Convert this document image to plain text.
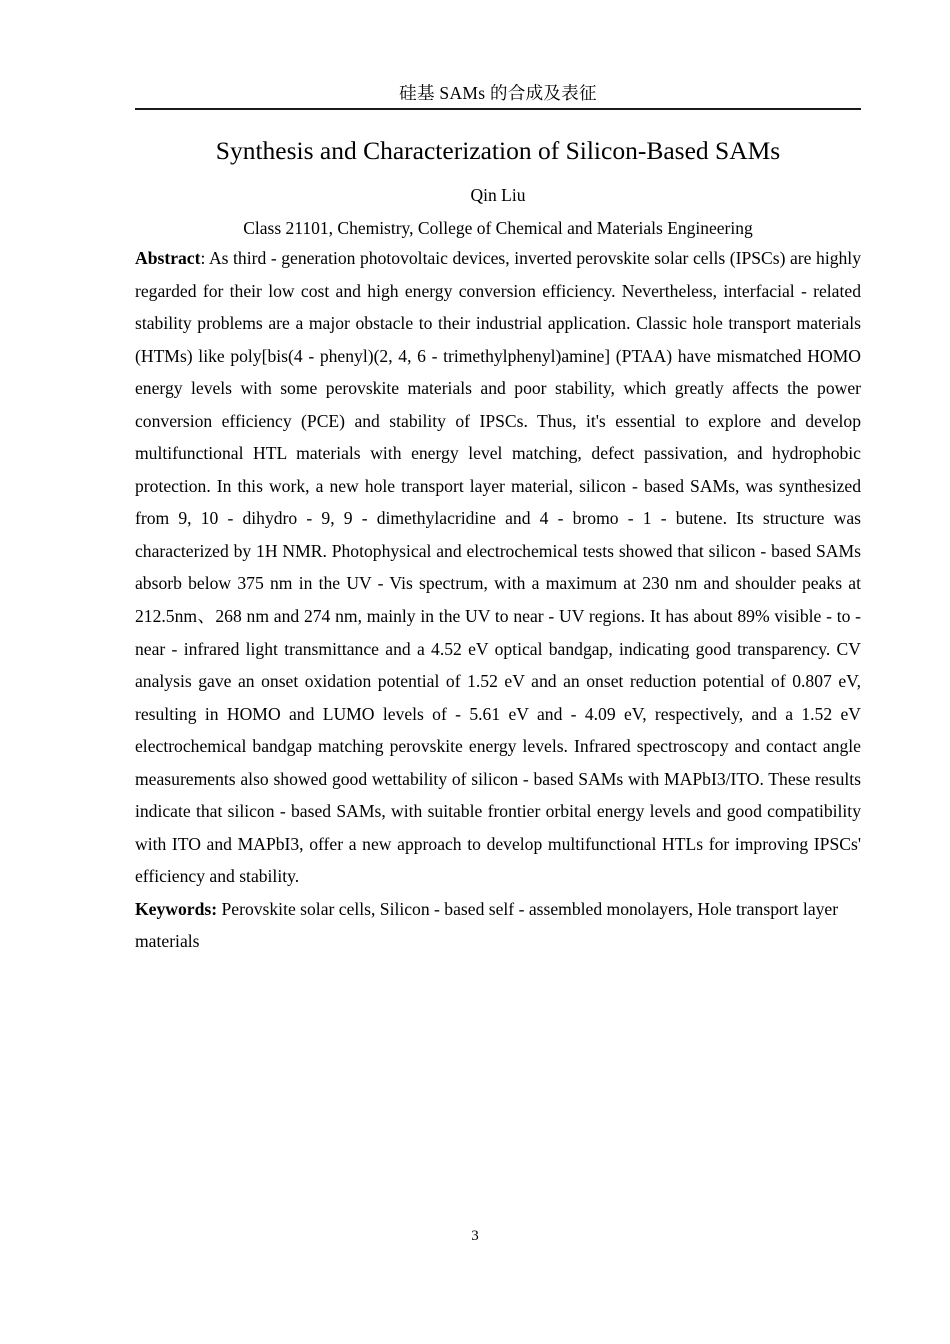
硅基 SAMs 的合成及表征
Synthesis and Characterization of Silicon-Based SAMs
Qin Liu
Class 21101, Chemistry, College of Chemical and Materials Engineering

Abstract: As third - generation photovoltaic devices, inverted perovskite solar cells (IPSCs) are highly regarded for their low cost and high energy conversion efficiency. Nevertheless, interfacial - related stability problems are a major obstacle to their industrial application. Classic hole transport materials (HTMs) like poly[bis(4 - phenyl)(2, 4, 6 - trimethylphenyl)amine] (PTAA) have mismatched HOMO energy levels with some perovskite materials and poor stability, which greatly affects the power conversion efficiency (PCE) and stability of IPSCs. Thus, it's essential to explore and develop multifunctional HTL materials with energy level matching, defect passivation, and hydrophobic protection. In this work, a new hole transport layer material, silicon - based SAMs, was synthesized from 9, 10 - dihydro - 9, 9 - dimethylacridine and 4 - bromo - 1 - butene. Its structure was characterized by 1H NMR. Photophysical and electrochemical tests showed that silicon - based SAMs absorb below 375 nm in the UV - Vis spectrum, with a maximum at 230 nm and shoulder peaks at 212.5nm、268 nm and 274 nm, mainly in the UV to near - UV regions. It has about 89% visible - to - near - infrared light transmittance and a 4.52 eV optical bandgap, indicating good transparency. CV analysis gave an onset oxidation potential of 1.52 eV and an onset reduction potential of 0.807 eV, resulting in HOMO and LUMO levels of - 5.61 eV and - 4.09 eV, respectively, and a 1.52 eV electrochemical bandgap matching perovskite energy levels. Infrared spectroscopy and contact angle measurements also showed good wettability of silicon - based SAMs with MAPbI3/ITO. These results indicate that silicon - based SAMs, with suitable frontier orbital energy levels and good compatibility with ITO and MAPbI3, offer a new approach to develop multifunctional HTLs for improving IPSCs' efficiency and stability.

Keywords: Perovskite solar cells, Silicon - based self - assembled monolayers, Hole transport layer materials

3
